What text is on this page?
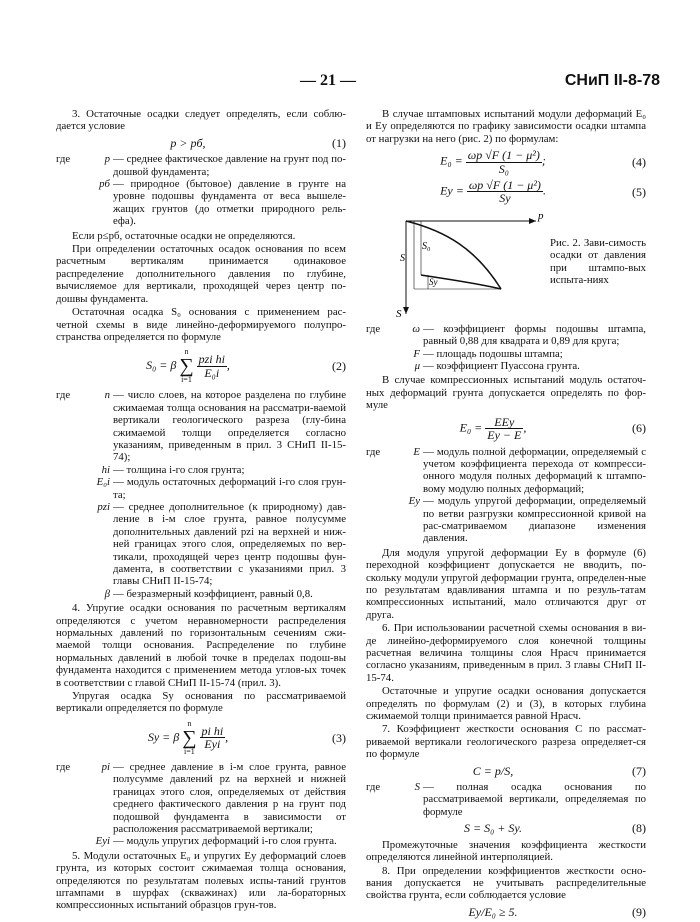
— 21 —	СНиП II-8-78

3. Остаточные осадки следует определять, если соблю-дается условие

p > pб,	(1)
где	p — среднее фактическое давление на грунт под по-дошвой фундамента;
pб — природное (бытовое) давление в грунте на уровне подошвы фундамента от веса вышеле-жащих грунтов (до отметки природного рель-ефа).

Если p≤pб, остаточные осадки не определяются.

При определении остаточных осадок основания по всем расчетным вертикалям принимается одинаковое распределение дополнительного давления по глубине, вычисляемое для вертикали, проходящей через центр по-дошвы фундамента.

Остаточная осадка S₀ основания с применением рас-четной схемы в виде линейно-деформируемого полупро-странства определяется по формуле

S₀ = β
n
∑
i=1

$\frac{\text{pzi hi}}{\text{E₀i}}$ ,	(2)
где	n — число слоев, на которое разделена по глубине сжимаемая толща основания на рассматри-ваемой вертикали геологического разреза (глу-бина сжимаемой толщи определяется согласно указаниям, приведенным в прил. 3 СНиП II-15-74);
hi — толщина i-го слоя грунта;
E₀i — модуль остаточных деформаций i-го слоя грун-та;
pzi — среднее дополнительное (к природному) дав-ление в i-м слое грунта, равное полусумме дополнительных давлений pzi на верхней и ниж-ней границах этого слоя, определяемых по вер-тикали, проходящей через центр подошвы фун-дамента, в соответствии с указаниями прил. 3 главы СНиП II-15-74;
β — безразмерный коэффициент, равный 0,8.

4. Упругие осадки основания по расчетным вертикалям определяются с учетом неравномерности распределения нормальных давлений по горизонтальным сечениям сжи-маемой толщи основания. Распределение по глубине нормальных давлений в любой точке в пределах подош-вы фундамента находится с применением метода углов-ых точек в соответствии с главой СНиП II-15-74 (прил. 3).

Упругая осадка Sy основания по рассматриваемой вертикали определяется по формуле

Sy = β
n
∑
i=1

$\frac{\text{pi hi}}{\text{Eyi}}$ ,	(3)
где	pi — среднее давление в i-м слое грунта, равное полусумме давлений pz на верхней и нижней границах этого слоя, определяемых от действия среднего фактического давления p на грунт под подошвой фундамента в зависимости от расположения рассматриваемой вертикали;
Eyi — модуль упругих деформаций i-го слоя грунта.

5. Модули остаточных E₀ и упругих Ey деформаций слоев грунта, из которых состоит сжимаемая толща основания, определяются по результатам полевых испы-таний грунтов штампами в шурфах (скважинах) или ла-бораторных компрессионных испытаний образцов грун-тов.

В случае штамповых испытаний модули деформаций E₀ и Ey определяются по графику зависимости осадки штампа от нагрузки на него (рис. 2) по формулам:

$E_0 = \frac{\text{ωp √F (1 − μ²)}}{\text{S₀}}$ ;	(4)
$Ey = \frac{\text{ωp √F (1 − μ²)}}{Sy}$ .	(5)
p
S
S
S₀
Sy
Рис. 2. Зави-симость осадки от давления при штампо-вых испыта-ниях
где	ω — коэффициент формы подошвы штампа, равный 0,88 для квадрата и 0,89 для круга;
F — площадь подошвы штампа;
μ — коэффициент Пуассона грунта.

В случае компрессионных испытаний модуль остаточ-ных деформаций грунта допускается определять по фор-муле

$E_0 = \frac{\text{EEy}}{Ey - E}$ ,	(6)
где	E — модуль полной деформации, определяемый с учетом коэффициента перехода от компресси-онного модуля полных деформаций к штампо-вому модулю полных деформаций;
Ey — модуль упругой деформации, определяемый по ветви разгрузки компрессионной кривой на рас-сматриваемом диапазоне изменения давления.

Для модуля упругой деформации Ey в формуле (6) переходной коэффициент допускается не вводить, по-скольку модули упругой деформации грунта, определен-ные по результатам вдавливания штампа и по резуль-татам компрессионных испытаний, мало отличаются друг от друга.

6. При использовании расчетной схемы основания в ви-де линейно-деформируемого слоя конечной толщины расчетная величина толщины слоя Hрасч принимается согласно указаниям, приведенным в прил. 3 главы СНиП II-15-74.

Остаточные и упругие осадки основания допускается определять по формулам (2) и (3), в которых глубина сжимаемой толщи принимается равной Hрасч.

7. Коэффициент жесткости основания C по рассмат-риваемой вертикали геологического разреза определяет-ся по формуле

C = p/S,	(7)
где	S — полная осадка основания по рассматриваемой вертикали, определяемая по формуле
S = S₀ + Sy.	(8)

Промежуточные значения коэффициента жесткости определяются линейной интерполяцией.

8. При определении коэффициентов жесткости осно-вания допускается не учитывать распределительные свойства грунта, если соблюдается условие

Ey/E₀ ≥ 5.	(9)
